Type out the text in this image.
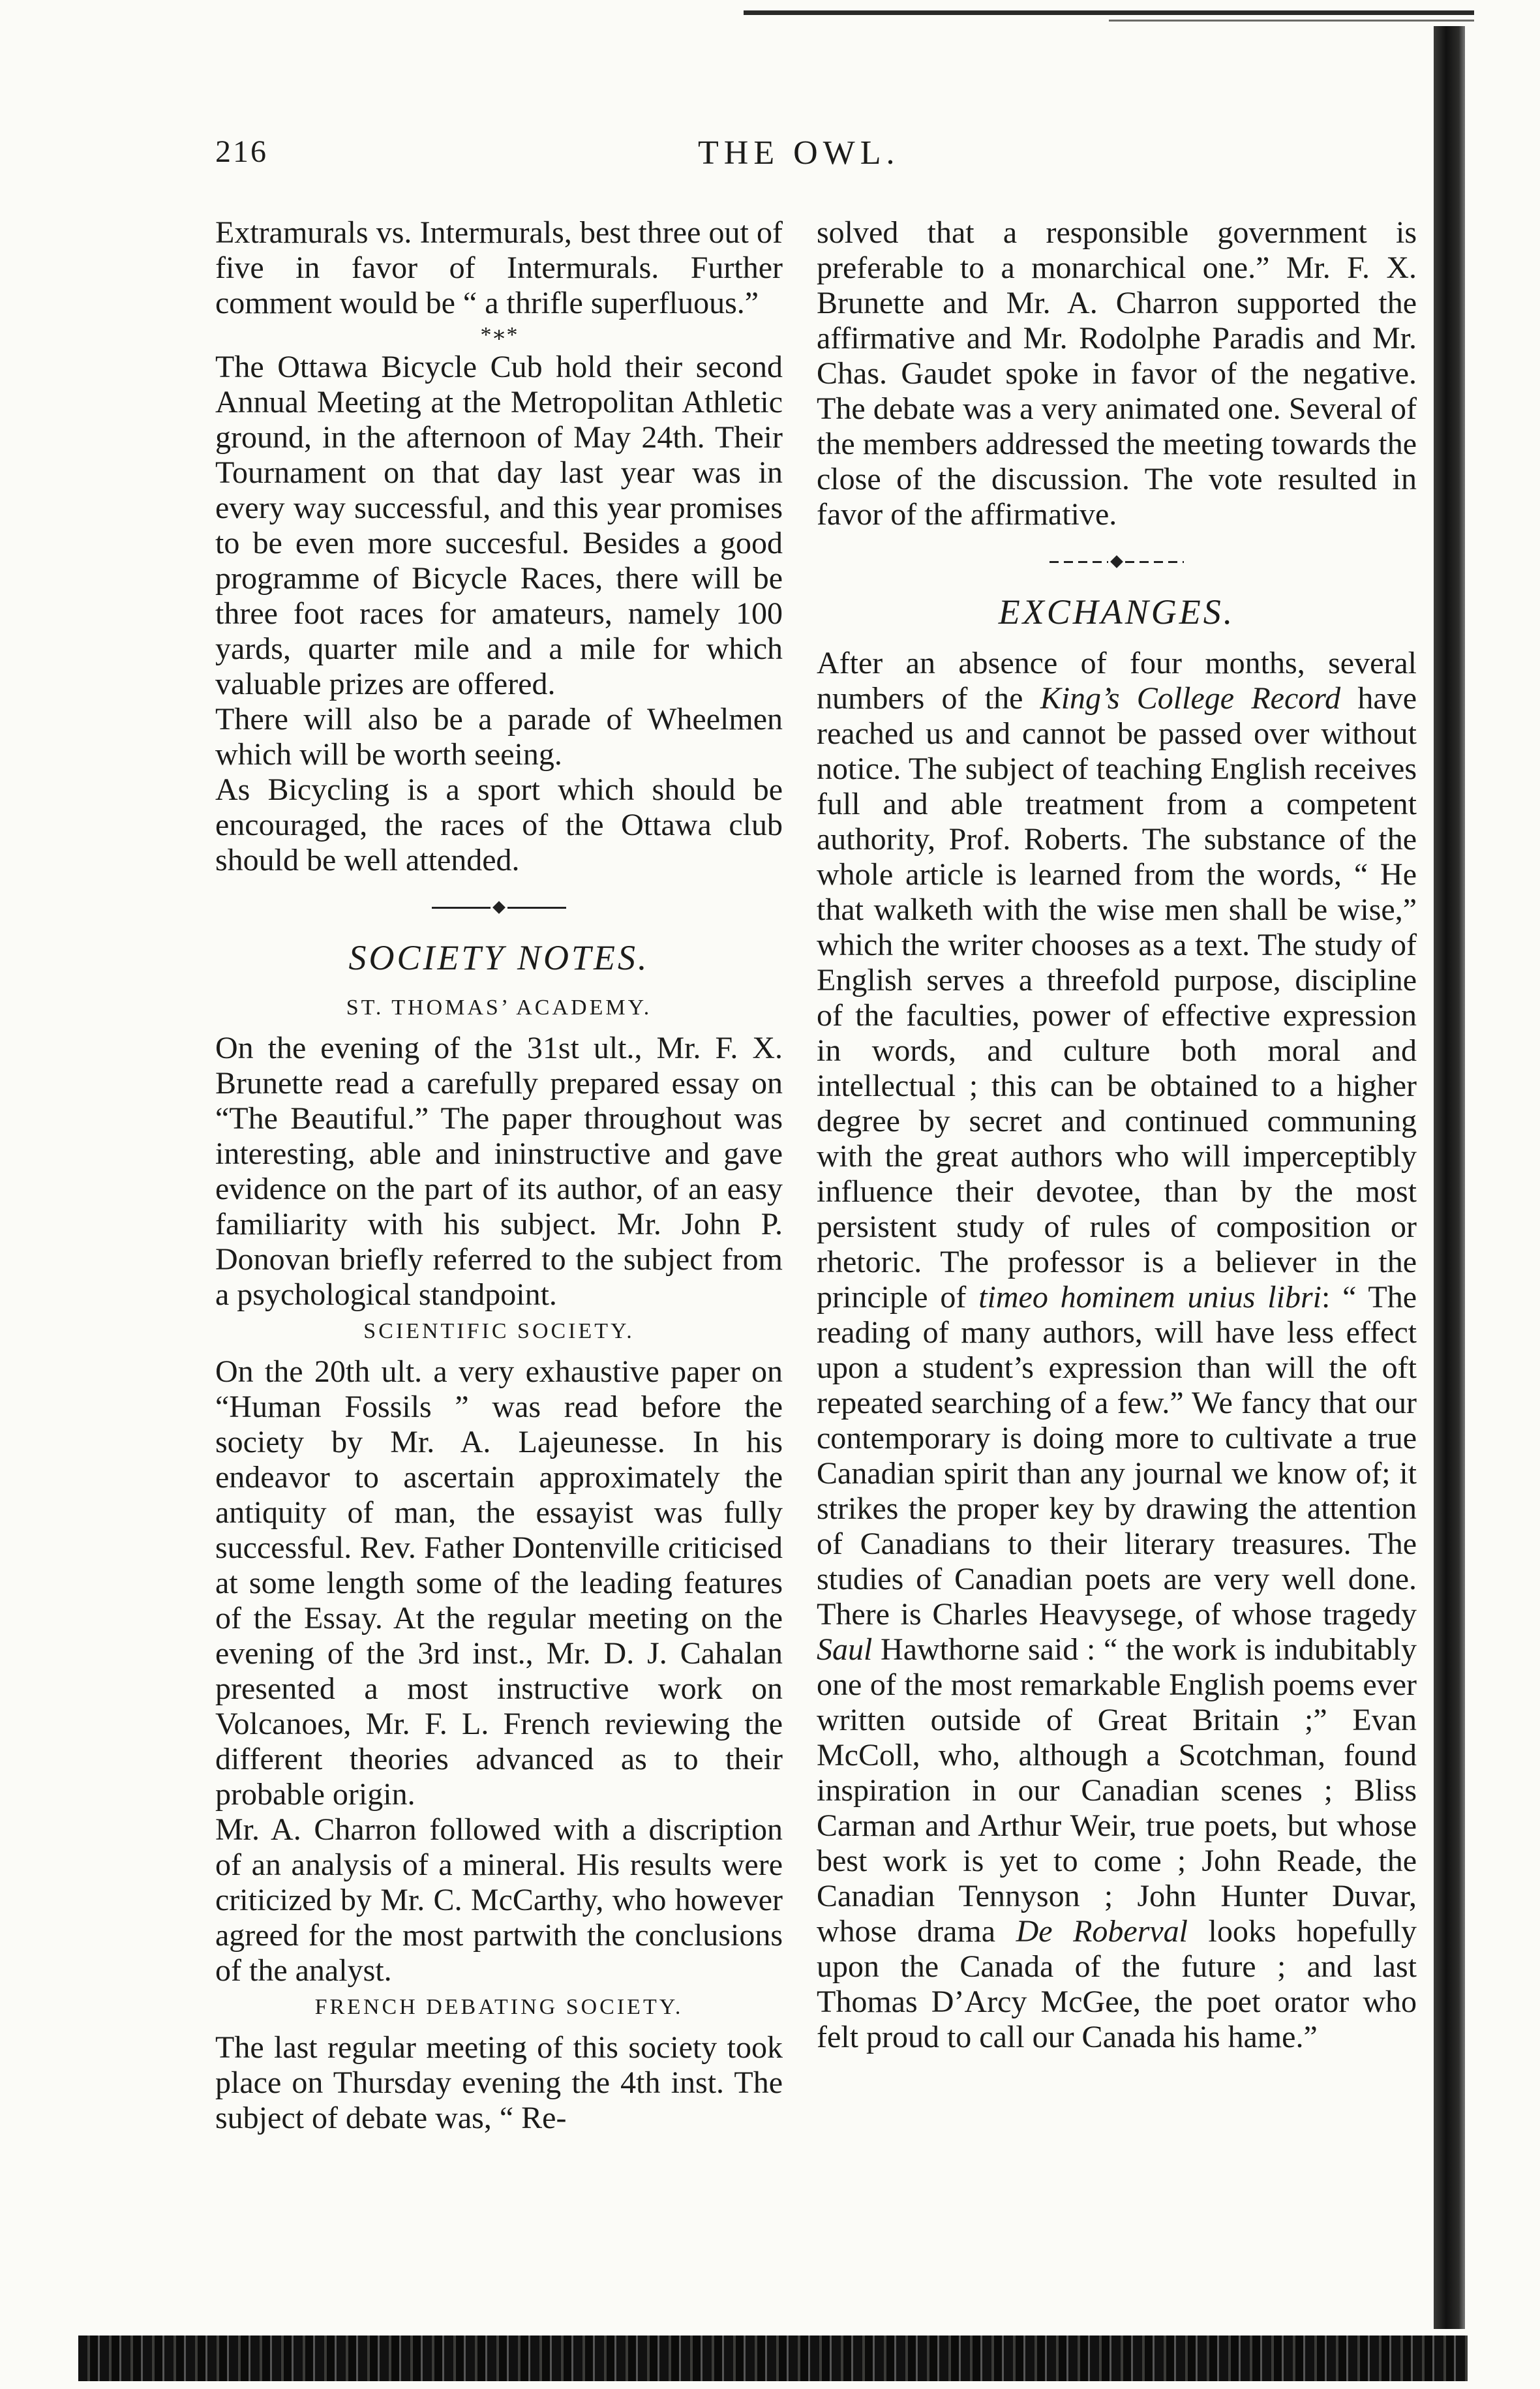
216	THE OWL.

Extramurals vs. Intermurals, best three out of five in favor of Intermurals. Further comment would be “ a thrifle superfluous.”

*∗*

The Ottawa Bicycle Cub hold their second Annual Meeting at the Metropolitan Athletic ground, in the afternoon of May 24th. Their Tournament on that day last year was in every way successful, and this year promises to be even more succesful. Besides a good programme of Bicycle Races, there will be three foot races for amateurs, namely 100 yards, quarter mile and a mile for which valuable prizes are offered.

There will also be a parade of Wheelmen which will be worth seeing.

As Bicycling is a sport which should be encouraged, the races of the Ottawa club should be well attended.

SOCIETY NOTES.
ST. THOMAS’ ACADEMY.

On the evening of the 31st ult., Mr. F. X. Brunette read a carefully prepared essay on “The Beautiful.” The paper throughout was interesting, able and ininstructive and gave evidence on the part of its author, of an easy familiarity with his subject. Mr. John P. Donovan briefly referred to the subject from a psychological standpoint.

SCIENTIFIC SOCIETY.

On the 20th ult. a very exhaustive paper on “Human Fossils ” was read before the society by Mr. A. Lajeunesse. In his endeavor to ascertain approximately the antiquity of man, the essayist was fully successful. Rev. Father Dontenville criticised at some length some of the leading features of the Essay. At the regular meeting on the evening of the 3rd inst., Mr. D. J. Cahalan presented a most instructive work on Volcanoes, Mr. F. L. French reviewing the different theories advanced as to their probable origin.

Mr. A. Charron followed with a discription of an analysis of a mineral. His results were criticized by Mr. C. McCarthy, who however agreed for the most partwith the conclusions of the analyst.

FRENCH DEBATING SOCIETY.

The last regular meeting of this society took place on Thursday evening the 4th inst. The subject of debate was, “ Re-

solved that a responsible government is preferable to a monarchical one.” Mr. F. X. Brunette and Mr. A. Charron supported the affirmative and Mr. Rodolphe Paradis and Mr. Chas. Gaudet spoke in favor of the negative. The debate was a very animated one. Several of the members addressed the meeting towards the close of the discussion. The vote resulted in favor of the affirmative.

EXCHANGES.

After an absence of four months, several numbers of the King’s College Record have reached us and cannot be passed over without notice. The subject of teaching English receives full and able treatment from a competent authority, Prof. Roberts. The substance of the whole article is learned from the words, “ He that walketh with the wise men shall be wise,” which the writer chooses as a text. The study of English serves a threefold purpose, discipline of the faculties, power of effective expression in words, and culture both moral and intellectual ; this can be obtained to a higher degree by secret and continued communing with the great authors who will imperceptibly influence their devotee, than by the most persistent study of rules of composition or rhetoric. The professor is a believer in the principle of timeo hominem unius libri: “ The reading of many authors, will have less effect upon a student’s expression than will the oft repeated searching of a few.” We fancy that our contemporary is doing more to cultivate a true Canadian spirit than any journal we know of; it strikes the proper key by drawing the attention of Canadians to their literary treasures. The studies of Canadian poets are very well done. There is Charles Heavysege, of whose tragedy Saul Hawthorne said : “ the work is indubitably one of the most remarkable English poems ever written outside of Great Britain ;” Evan McColl, who, although a Scotchman, found inspiration in our Canadian scenes ; Bliss Carman and Arthur Weir, true poets, but whose best work is yet to come ; John Reade, the Canadian Tennyson ; John Hunter Duvar, whose drama De Roberval looks hopefully upon the Canada of the future ; and last Thomas D’Arcy McGee, the poet orator who felt proud to call our Canada his hame.”
